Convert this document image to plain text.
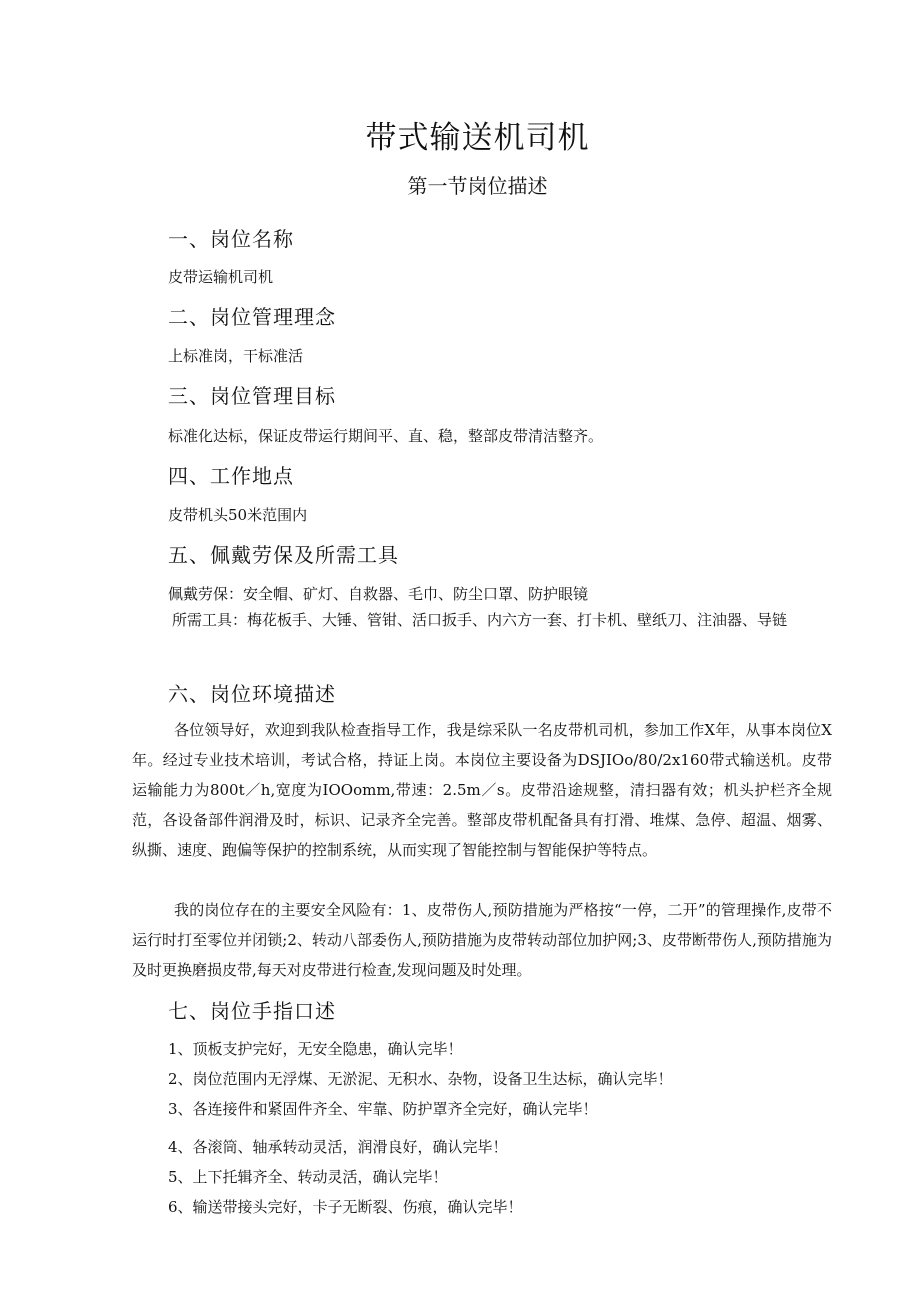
带式输送机司机
第一节岗位描述
一、岗位名称
皮带运输机司机
二、岗位管理理念
上标准岗，干标准活
三、岗位管理目标
标准化达标，保证皮带运行期间平、直、稳，整部皮带清洁整齐。
四、工作地点
皮带机头50米范围内
五、佩戴劳保及所需工具
佩戴劳保：安全帽、矿灯、自救器、毛巾、防尘口罩、防护眼镜

所需工具：梅花板手、大锤、管钳、活口扳手、内六方一套、打卡机、壁纸刀、注油器、导链

六、岗位环境描述

各位领导好，欢迎到我队检查指导工作，我是综采队一名皮带机司机，参加工作X年，从事本岗位X年。经过专业技术培训，考试合格，持证上岗。本岗位主要设备为DSJIOo/80/2x160带式输送机。皮带运输能力为800t／h,宽度为IOOomm,带速：2.5m／s。皮带沿途规整，清扫器有效；机头护栏齐全规范，各设备部件润滑及时，标识、记录齐全完善。整部皮带机配备具有打滑、堆煤、急停、超温、烟雾、纵撕、速度、跑偏等保护的控制系统，从而实现了智能控制与智能保护等特点。

我的岗位存在的主要安全风险有：1、皮带伤人,预防措施为严格按“一停，二开”的管理操作,皮带不运行时打至零位并闭锁;2、转动八部委伤人,预防措施为皮带转动部位加护网;3、皮带断带伤人,预防措施为及时更换磨损皮带,每天对皮带进行检查,发现问题及时处理。

七、岗位手指口述
1、顶板支护完好，无安全隐患，确认完毕！
2、岗位范围内无浮煤、无淤泥、无积水、杂物，设备卫生达标，确认完毕！
3、各连接件和紧固件齐全、牢靠、防护罩齐全完好，确认完毕！
4、各滚筒、轴承转动灵活，润滑良好，确认完毕！
5、上下托辑齐全、转动灵活，确认完毕！
6、输送带接头完好，卡子无断裂、伤痕，确认完毕！
